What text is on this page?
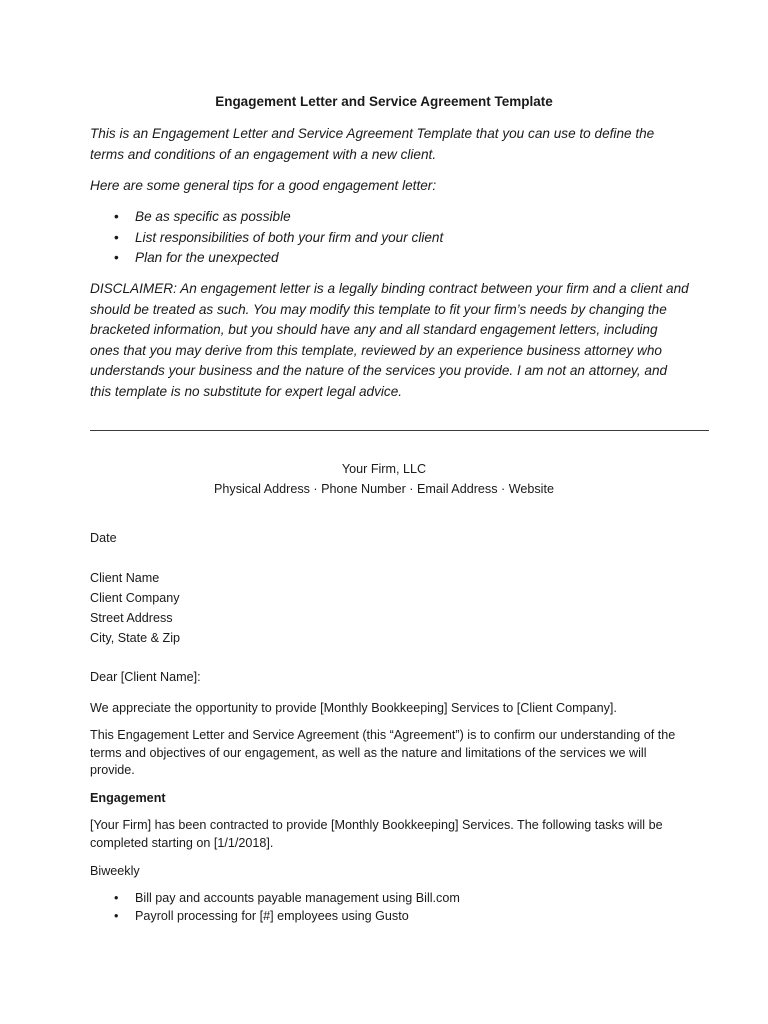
Engagement Letter and Service Agreement Template

This is an Engagement Letter and Service Agreement Template that you can use to define the terms and conditions of an engagement with a new client.

Here are some general tips for a good engagement letter:

• Be as specific as possible
• List responsibilities of both your firm and your client
• Plan for the unexpected

DISCLAIMER: An engagement letter is a legally binding contract between your firm and a client and should be treated as such. You may modify this template to fit your firm’s needs by changing the bracketed information, but you should have any and all standard engagement letters, including ones that you may derive from this template, reviewed by an experience business attorney who understands your business and the nature of the services you provide. I am not an attorney, and this template is no substitute for expert legal advice.

Your Firm, LLC
Physical Address · Phone Number · Email Address · Website

Date

Client Name
Client Company
Street Address
City, State & Zip

Dear [Client Name]:

We appreciate the opportunity to provide [Monthly Bookkeeping] Services to [Client Company].

This Engagement Letter and Service Agreement (this “Agreement”) is to confirm our understanding of the terms and objectives of our engagement, as well as the nature and limitations of the services we will provide.

Engagement

[Your Firm] has been contracted to provide [Monthly Bookkeeping] Services. The following tasks will be completed starting on [1/1/2018].

Biweekly

• Bill pay and accounts payable management using Bill.com
• Payroll processing for [#] employees using Gusto
